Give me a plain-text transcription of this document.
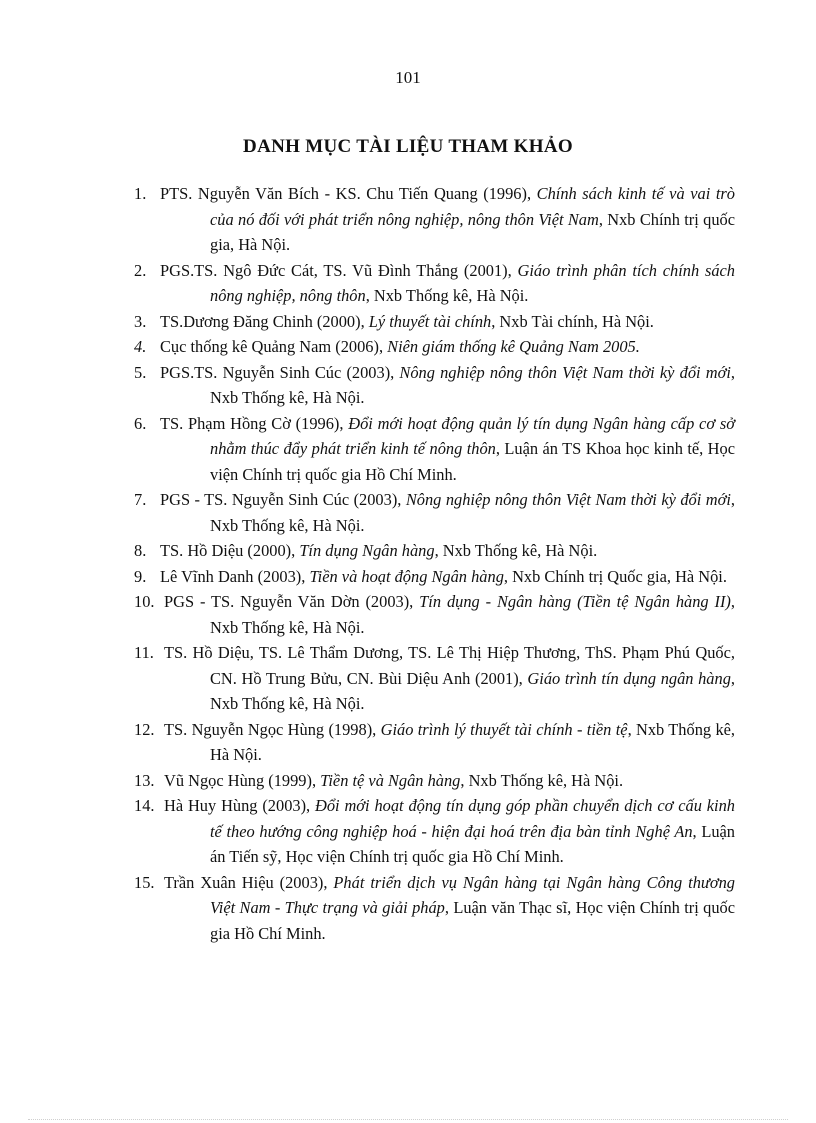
101
DANH MỤC TÀI LIỆU THAM KHẢO
1. PTS. Nguyễn Văn Bích - KS. Chu Tiến Quang (1996), Chính sách kinh tế và vai trò của nó đối với phát triển nông nghiệp, nông thôn Việt Nam, Nxb Chính trị quốc gia, Hà Nội.
2. PGS.TS. Ngô Đức Cát, TS. Vũ Đình Thắng (2001), Giáo trình phân tích chính sách nông nghiệp, nông thôn, Nxb Thống kê, Hà Nội.
3. TS.Dương Đăng Chinh (2000), Lý thuyết tài chính, Nxb Tài chính, Hà Nội.
4. Cục thống kê Quảng Nam (2006), Niên giám thống kê Quảng Nam 2005.
5. PGS.TS. Nguyễn Sinh Cúc (2003), Nông nghiệp nông thôn Việt Nam thời kỳ đổi mới, Nxb Thống kê, Hà Nội.
6. TS. Phạm Hồng Cờ (1996), Đổi mới hoạt động quản lý tín dụng Ngân hàng cấp cơ sở nhằm thúc đẩy phát triển kinh tế nông thôn, Luận án TS Khoa học kinh tế, Học viện Chính trị quốc gia Hồ Chí Minh.
7. PGS - TS. Nguyễn Sinh Cúc (2003), Nông nghiệp nông thôn Việt Nam thời kỳ đổi mới, Nxb Thống kê, Hà Nội.
8. TS. Hồ Diệu (2000), Tín dụng Ngân hàng, Nxb Thống kê, Hà Nội.
9. Lê Vĩnh Danh (2003), Tiền và hoạt động Ngân hàng, Nxb Chính trị Quốc gia, Hà Nội.
10. PGS - TS. Nguyễn Văn Dờn (2003), Tín dụng - Ngân hàng (Tiền tệ Ngân hàng II), Nxb Thống kê, Hà Nội.
11. TS. Hồ Diệu, TS. Lê Thẩm Dương, TS. Lê Thị Hiệp Thương, ThS. Phạm Phú Quốc, CN. Hồ Trung Bửu, CN. Bùi Diệu Anh (2001), Giáo trình tín dụng ngân hàng, Nxb Thống kê, Hà Nội.
12. TS. Nguyễn Ngọc Hùng (1998), Giáo trình lý thuyết tài chính - tiền tệ, Nxb Thống kê, Hà Nội.
13. Vũ Ngọc Hùng (1999), Tiền tệ và Ngân hàng, Nxb Thống kê, Hà Nội.
14. Hà Huy Hùng (2003), Đổi mới hoạt động tín dụng góp phần chuyển dịch cơ cấu kinh tế theo hướng công nghiệp hoá - hiện đại hoá trên địa bàn tỉnh Nghệ An, Luận án Tiến sỹ, Học viện Chính trị quốc gia Hồ Chí Minh.
15. Trần Xuân Hiệu (2003), Phát triển dịch vụ Ngân hàng tại Ngân hàng Công thương Việt Nam - Thực trạng và giải pháp, Luận văn Thạc sĩ, Học viện Chính trị quốc gia Hồ Chí Minh.
